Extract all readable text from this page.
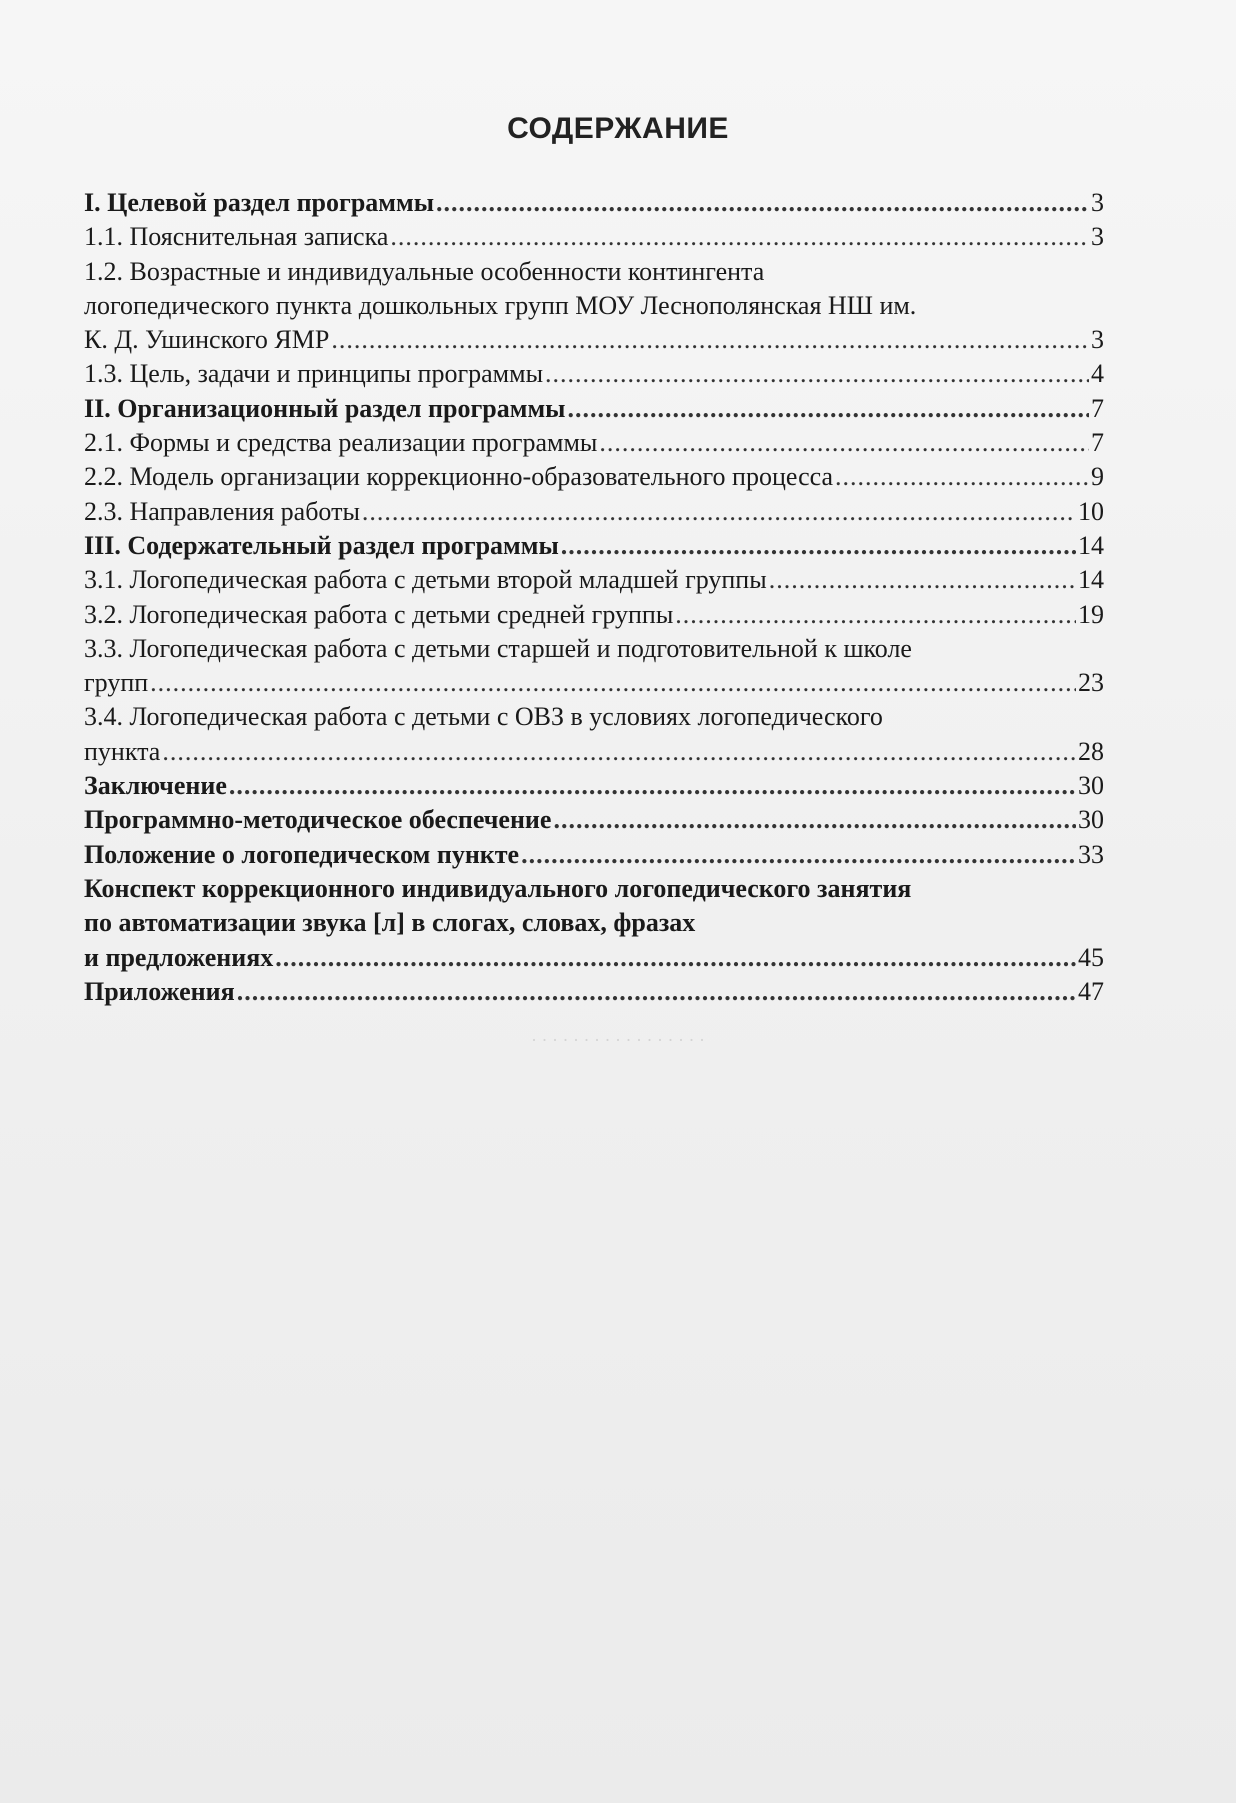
· · · · · · · · · · · · · · · · ·
СОДЕРЖАНИЕ
I. Целевой раздел программы .....	3
1.1. Пояснительная записка .....	3
1.2. Возрастные и индивидуальные особенности контингента
логопедического пункта дошкольных групп МОУ Леснополянская НШ им.
К. Д. Ушинского ЯМР .....	3
1.3. Цель, задачи и принципы программы .....	4
II. Организационный раздел программы .....	7
2.1. Формы и средства реализации программы .....	7
2.2. Модель организации коррекционно-образовательного процесса .....	9
2.3. Направления работы .....	10
III. Содержательный раздел программы .....	14
3.1. Логопедическая работа с детьми второй младшей группы .....	14
3.2. Логопедическая работа с детьми средней группы .....	19
3.3. Логопедическая работа с детьми старшей и подготовительной к школе
групп .....	23
3.4. Логопедическая работа с детьми с ОВЗ в условиях логопедического
пункта .....	28
Заключение .....	30
Программно-методическое обеспечение .....	30
Положение о логопедическом пункте .....	33
Конспект коррекционного индивидуального логопедического занятия
по автоматизации звука [л] в слогах, словах, фразах
и предложениях .....	45
Приложения .....	47
